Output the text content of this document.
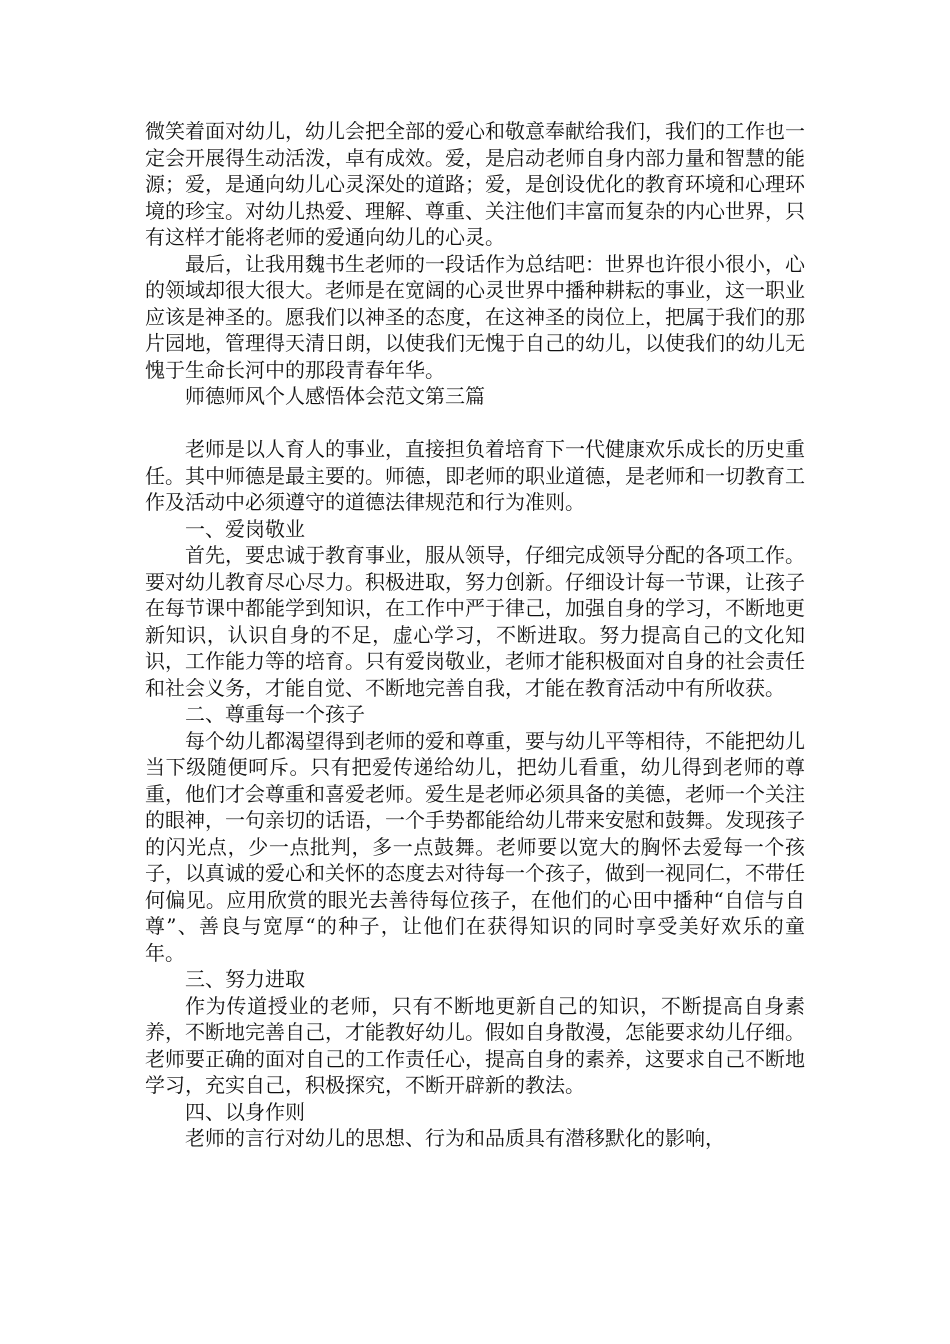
微笑着面对幼儿，幼儿会把全部的爱心和敬意奉献给我们，我们的工作也一定会开展得生动活泼，卓有成效。爱，是启动老师自身内部力量和智慧的能源；爱，是通向幼儿心灵深处的道路；爱，是创设优化的教育环境和心理环境的珍宝。对幼儿热爱、理解、尊重、关注他们丰富而复杂的内心世界，只有这样才能将老师的爱通向幼儿的心灵。

最后，让我用魏书生老师的一段话作为总结吧：世界也许很小很小，心的领域却很大很大。老师是在宽阔的心灵世界中播种耕耘的事业，这一职业应该是神圣的。愿我们以神圣的态度，在这神圣的岗位上，把属于我们的那片园地，管理得天清日朗，以使我们无愧于自己的幼儿，以使我们的幼儿无愧于生命长河中的那段青春年华。

师德师风个人感悟体会范文第三篇

老师是以人育人的事业，直接担负着培育下一代健康欢乐成长的历史重任。其中师德是最主要的。师德，即老师的职业道德，是老师和一切教育工作及活动中必须遵守的道德法律规范和行为准则。

一、爱岗敬业

首先，要忠诚于教育事业，服从领导，仔细完成领导分配的各项工作。要对幼儿教育尽心尽力。积极进取，努力创新。仔细设计每一节课，让孩子在每节课中都能学到知识，在工作中严于律己，加强自身的学习，不断地更新知识，认识自身的不足，虚心学习，不断进取。努力提高自己的文化知识，工作能力等的培育。只有爱岗敬业，老师才能积极面对自身的社会责任和社会义务，才能自觉、不断地完善自我，才能在教育活动中有所收获。

二、尊重每一个孩子

每个幼儿都渴望得到老师的爱和尊重，要与幼儿平等相待，不能把幼儿当下级随便呵斥。只有把爱传递给幼儿，把幼儿看重，幼儿得到老师的尊重，他们才会尊重和喜爱老师。爱生是老师必须具备的美德，老师一个关注的眼神，一句亲切的话语，一个手势都能给幼儿带来安慰和鼓舞。发现孩子的闪光点，少一点批判，多一点鼓舞。老师要以宽大的胸怀去爱每一个孩子，以真诚的爱心和关怀的态度去对待每一个孩子，做到一视同仁，不带任何偏见。应用欣赏的眼光去善待每位孩子，在他们的心田中播种“自信与自尊”、善良与宽厚“的种子，让他们在获得知识的同时享受美好欢乐的童年。

三、努力进取

作为传道授业的老师，只有不断地更新自己的知识，不断提高自身素养，不断地完善自己，才能教好幼儿。假如自身散漫，怎能要求幼儿仔细。老师要正确的面对自己的工作责任心，提高自身的素养，这要求自己不断地学习，充实自己，积极探究，不断开辟新的教法。

四、以身作则

老师的言行对幼儿的思想、行为和品质具有潜移默化的影响，
